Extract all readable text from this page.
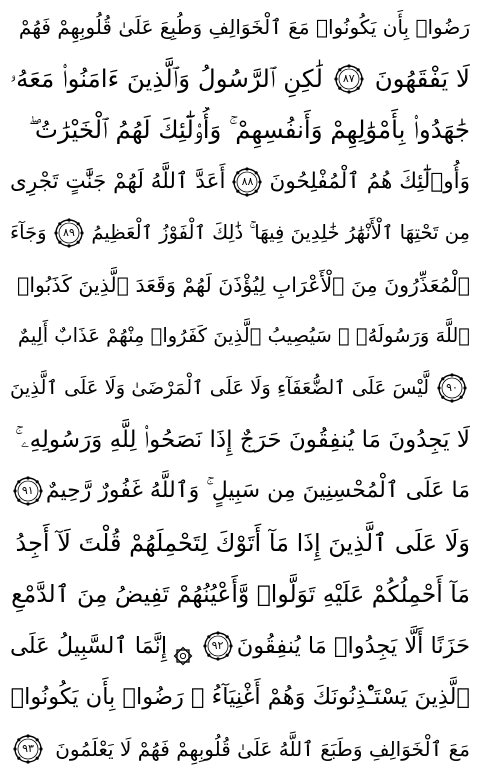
رَضُوا۟ بِأَن يَكُونُوا۟ مَعَ ٱلْخَوَالِفِ وَطُبِعَ عَلَىٰ قُلُوبِهِمْ فَهُمْ
لَا يَفْقَهُونَ
٨٧
لَٰكِنِ ٱلرَّسُولُ وَٱلَّذِينَ ءَامَنُوا۟ مَعَهُۥ
جَٰهَدُوا۟ بِأَمْوَٰلِهِمْ وَأَنفُسِهِمْ ۚ وَأُو۟لَٰٓئِكَ لَهُمُ ٱلْخَيْرَٰتُ ۖ
وَأُو۟لَٰٓئِكَ هُمُ ٱلْمُفْلِحُونَ
٨٨
أَعَدَّ ٱللَّهُ لَهُمْ جَنَّٰتٍ تَجْرِى
مِن تَحْتِهَا ٱلْأَنْهَٰرُ خَٰلِدِينَ فِيهَا ۚ ذَٰلِكَ ٱلْفَوْزُ ٱلْعَظِيمُ
٨٩
وَجَآءَ
ٱلْمُعَذِّرُونَ مِنَ ٱلْأَعْرَابِ لِيُؤْذَنَ لَهُمْ وَقَعَدَ ٱلَّذِينَ كَذَبُوا۟
ٱللَّهَ وَرَسُولَهُۥ ۚ سَيُصِيبُ ٱلَّذِينَ كَفَرُوا۟ مِنْهُمْ عَذَابٌ أَلِيمٌ
٩٠
لَّيْسَ عَلَى ٱلضُّعَفَآءِ وَلَا عَلَى ٱلْمَرْضَىٰ وَلَا عَلَى ٱلَّذِينَ
لَا يَجِدُونَ مَا يُنفِقُونَ حَرَجٌ إِذَا نَصَحُوا۟ لِلَّهِ وَرَسُولِهِۦ ۚ
مَا عَلَى ٱلْمُحْسِنِينَ مِن سَبِيلٍ ۚ وَٱللَّهُ غَفُورٌ رَّحِيمٌ
٩١
وَلَا عَلَى ٱلَّذِينَ إِذَا مَآ أَتَوْكَ لِتَحْمِلَهُمْ قُلْتَ لَآ أَجِدُ
مَآ أَحْمِلُكُمْ عَلَيْهِ تَوَلَّوا۟ وَّأَعْيُنُهُمْ تَفِيضُ مِنَ ٱلدَّمْعِ
حَزَنًا أَلَّا يَجِدُوا۟ مَا يُنفِقُونَ
٩٢
إِنَّمَا ٱلسَّبِيلُ عَلَى
ٱلَّذِينَ يَسْتَـْٔذِنُونَكَ وَهُمْ أَغْنِيَآءُ ۚ رَضُوا۟ بِأَن يَكُونُوا۟
مَعَ ٱلْخَوَالِفِ وَطَبَعَ ٱللَّهُ عَلَىٰ قُلُوبِهِمْ فَهُمْ لَا يَعْلَمُونَ
٩٣
